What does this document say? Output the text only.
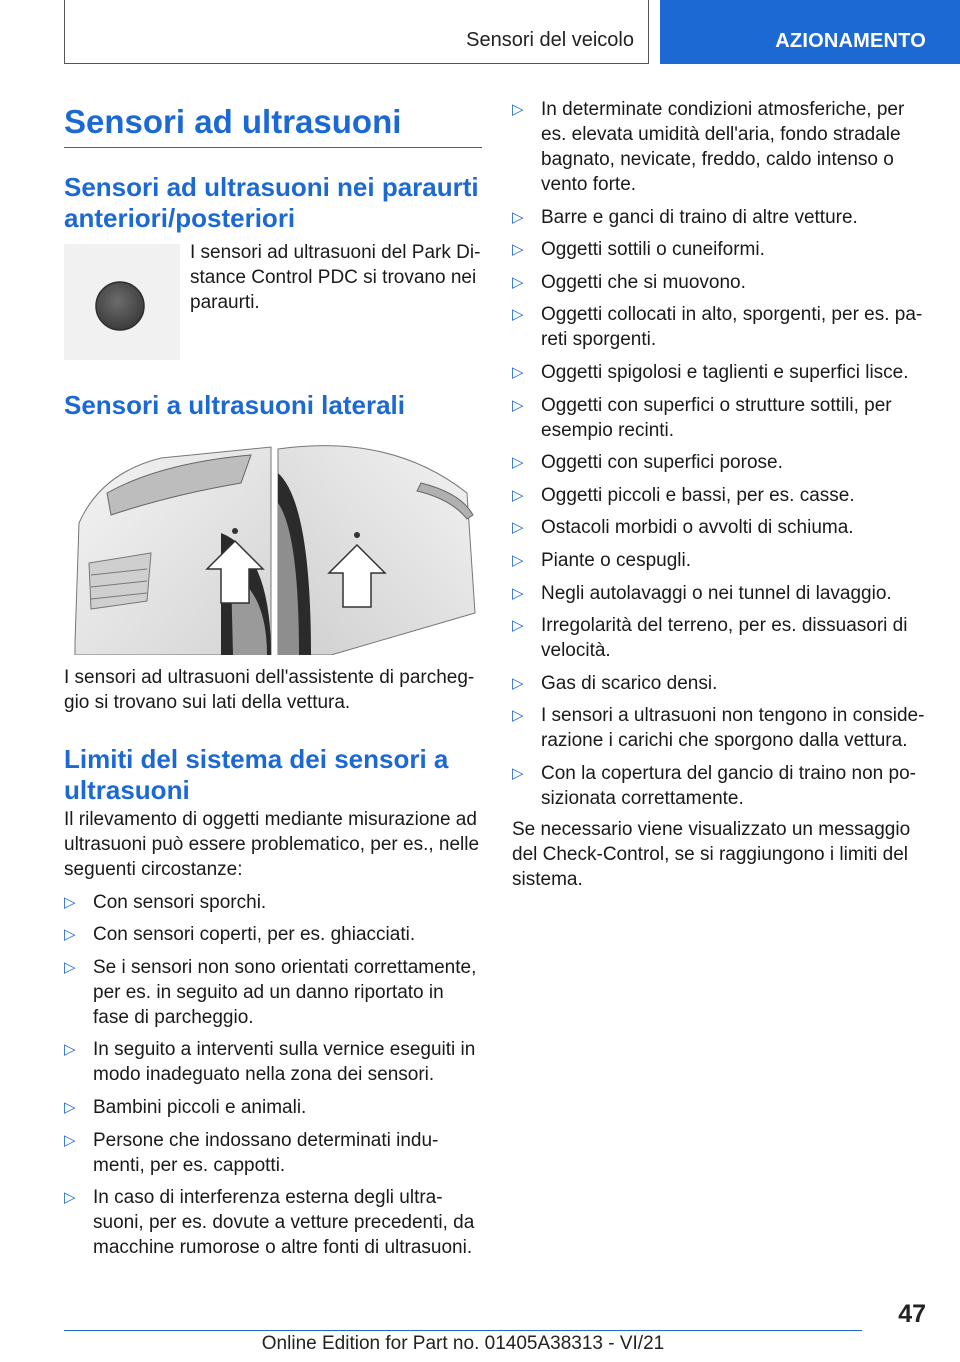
Sensori del veicolo	AZIONAMENTO
Sensori ad ultrasuoni
Sensori ad ultrasuoni nei paraurti anteriori/posteriori

I sensori ad ultrasuoni del Park Di-stance Control PDC si trovano nei paraurti.

Sensori a ultrasuoni laterali

I sensori ad ultrasuoni dell'assistente di parcheg-gio si trovano sui lati della vettura.

Limiti del sistema dei sensori a ultrasuoni

Il rilevamento di oggetti mediante misurazione ad ultrasuoni può essere problematico, per es., nelle seguenti circostanze:

▷ Con sensori sporchi.
▷ Con sensori coperti, per es. ghiacciati.
▷ Se i sensori non sono orientati correttamente, per es. in seguito ad un danno riportato in fase di parcheggio.
▷ In seguito a interventi sulla vernice eseguiti in modo inadeguato nella zona dei sensori.
▷ Bambini piccoli e animali.
▷ Persone che indossano determinati indu-menti, per es. cappotti.
▷ In caso di interferenza esterna degli ultra-suoni, per es. dovute a vetture precedenti, da macchine rumorose o altre fonti di ultrasuoni.
▷ In determinate condizioni atmosferiche, per es. elevata umidità dell'aria, fondo stradale bagnato, nevicate, freddo, caldo intenso o vento forte.
▷ Barre e ganci di traino di altre vetture.
▷ Oggetti sottili o cuneiformi.
▷ Oggetti che si muovono.
▷ Oggetti collocati in alto, sporgenti, per es. pa-reti sporgenti.
▷ Oggetti spigolosi e taglienti e superfici lisce.
▷ Oggetti con superfici o strutture sottili, per esempio recinti.
▷ Oggetti con superfici porose.
▷ Oggetti piccoli e bassi, per es. casse.
▷ Ostacoli morbidi o avvolti di schiuma.
▷ Piante o cespugli.
▷ Negli autolavaggi o nei tunnel di lavaggio.
▷ Irregolarità del terreno, per es. dissuasori di velocità.
▷ Gas di scarico densi.
▷ I sensori a ultrasuoni non tengono in conside-razione i carichi che sporgono dalla vettura.
▷ Con la copertura del gancio di traino non po-sizionata correttamente.

Se necessario viene visualizzato un messaggio del Check-Control, se si raggiungono i limiti del sistema.

47
Online Edition for Part no. 01405A38313 - VI/21
